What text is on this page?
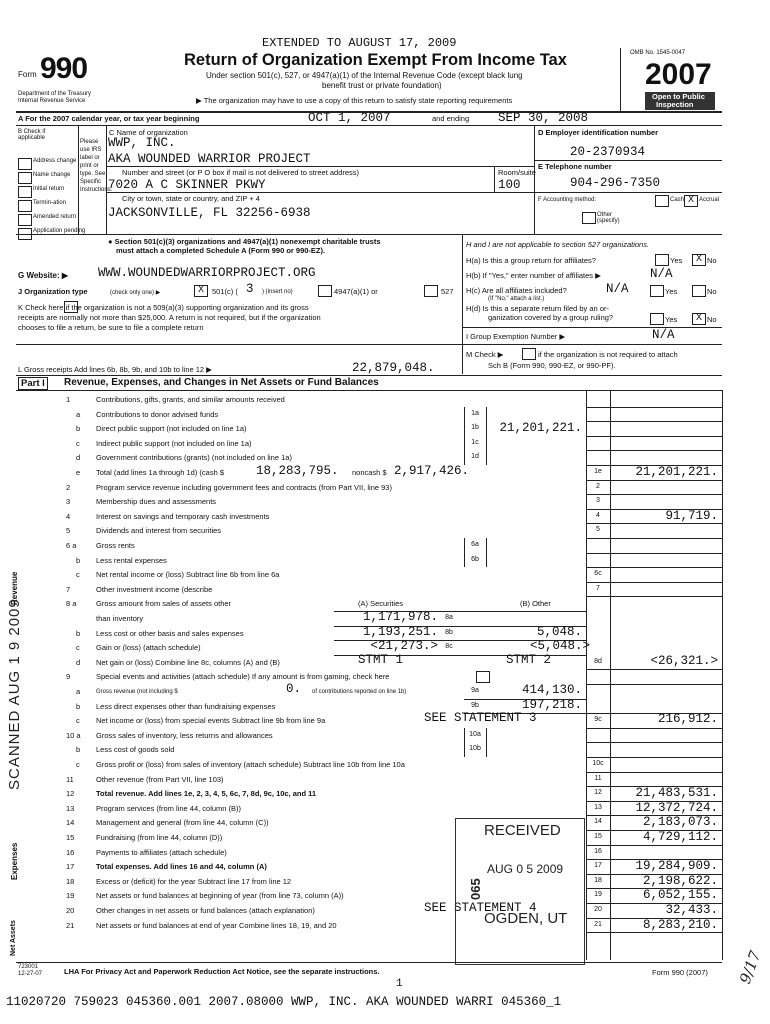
EXTENDED TO AUGUST 17, 2009
Form 990
Department of the Treasury
Internal Revenue Service
Return of Organization Exempt From Income Tax
Under section 501(c), 527, or 4947(a)(1) of the Internal Revenue Code (except black lung
benefit trust or private foundation)
▶ The organization may have to use a copy of this return to satisfy state reporting requirements
OMB No. 1545-0047
2007
Open to Public
Inspection
A For the 2007 calendar year, or tax year beginning	OCT 1, 2007	and ending SEP 30, 2008
B Check if applicable
Address change
Name change
Initial return
Termin-ation
Amended return
Application pending
Please use IRS label or print or type. See Specific Instructions.
C Name of organization
WWP, INC.
AKA WOUNDED WARRIOR PROJECT
Number and street (or P O box if mail is not delivered to street address)	Room/suite
7020 A C SKINNER PKWY	100
City or town, state or country, and ZIP + 4
JACKSONVILLE, FL 32256-6938
D Employer identification number
20-2370934
E Telephone number
904-296-7350
F Accounting method:	Cash X Accrual
Other (specify)
● Section 501(c)(3) organizations and 4947(a)(1) nonexempt charitable trusts
must attach a completed Schedule A (Form 990 or 990-EZ).
H and I are not applicable to section 527 organizations.
H(a) Is this a group return for affiliates?	Yes	X No
H(b) If "Yes," enter number of affiliates ▶	N/A
H(c) Are all affiliates included?	N/A	Yes	No
(If "No," attach a list.)
H(d) Is this a separate return filed by an or-
ganization covered by a group ruling?	Yes	X No
I Group Exemption Number ▶	N/A
M Check ▶	if the organization is not required to attach
Sch B (Form 990, 990-EZ, or 990-PF).
G Website: ▶ WWW.WOUNDEDWARRIORPROJECT.ORG
J Organization type	(check only one) ▶	X	501(c) ( 3 ) (insert no)	4947(a)(1) or	527
K Check here if the organization is not a 509(a)(3) supporting organization and its gross
receipts are normally not more than $25,000. A return is not required, but if the organization
chooses to file a return, be sure to file a complete return
L Gross receipts Add lines 6b, 8b, 9b, and 10b to line 12 ▶	22,879,048.
Part I	Revenue, Expenses, and Changes in Net Assets or Fund Balances
1	Contributions, gifts, grants, and similar amounts received
a Contributions to donor advised funds	1a
b Direct public support (not included on line 1a)	1b	21,201,221.
c Indirect public support (not included on line 1a)	1c
d Government contributions (grants) (not included on line 1a)	1d
e Total (add lines 1a through 1d) (cash $	18,283,795. noncash $ 2,917,426.	1e	21,201,221.
2	Program service revenue including government fees and contracts (from Part VII, line 93)	2
3	Membership dues and assessments	3
4	Interest on savings and temporary cash investments	4	91,719.
5	Dividends and interest from securities	5
6 a	Gross rents	6a
b Less rental expenses	6b
c Net rental income or (loss) Subtract line 6b from line 6a	6c
7	Other investment income (describe	7
8 a	Gross amount from sales of assets other	(A) Securities	(B) Other
than inventory	1,171,978.	8a
b Less cost or other basis and sales expenses	1,193,251.	8b	5,048.
c Gain or (loss) (attach schedule)	<21,273.>	8c	<5,048.>
d Net gain or (loss) Combine line 8c, columns (A) and (B)	STMT 1	STMT 2	8d	<26,321.>
9	Special events and activities (attach schedule) If any amount is from gaming, check here
a	Gross revenue (not including $	0. of contributions reported on line 1b)	9a	414,130.
b Less direct expenses other than fundraising expenses	9b	197,218.
c Net income or (loss) from special events Subtract line 9b from line 9a	SEE STATEMENT 3	9c	216,912.
10 a Gross sales of inventory, less returns and allowances	10a
b Less cost of goods sold	10b
c Gross profit or (loss) from sales of inventory (attach schedule) Subtract line 10b from line 10a	10c
11	Other revenue (from Part VII, line 103)	11
12	Total revenue. Add lines 1e, 2, 3, 4, 5, 6c, 7, 8d, 9c, 10c, and 11	12	21,483,531.
13	Program services (from line 44, column (B))	13	12,372,724.
14	Management and general (from line 44, column (C))	14	2,183,073.
15	Fundraising (from line 44, column (D))	15	4,729,112.
16	Payments to affiliates (attach schedule)	16
17	Total expenses. Add lines 16 and 44, column (A)	17	19,284,909.
18	Excess or (deficit) for the year Subtract line 17 from line 12	18	2,198,622.
19	Net assets or fund balances at beginning of year (from line 73, column (A))	19	6,052,155.
20	Other changes in net assets or fund balances (attach explanation)	SEE STATEMENT 4	20	32,433.
21	Net assets or fund balances at end of year Combine lines 18, 19, and 20	21	8,283,210.
Revenue
Expenses
Net Assets
723001
12-27-07	LHA For Privacy Act and Paperwork Reduction Act Notice, see the separate instructions.	Form 990 (2007)
1
11020720 759023 045360.001 2007.08000 WWP, INC. AKA WOUNDED WARRI 045360_1
SCANNED AUG 1 9 2009
RECEIVED
AUG 0 5 2009
065
OGDEN, UT
9/17
